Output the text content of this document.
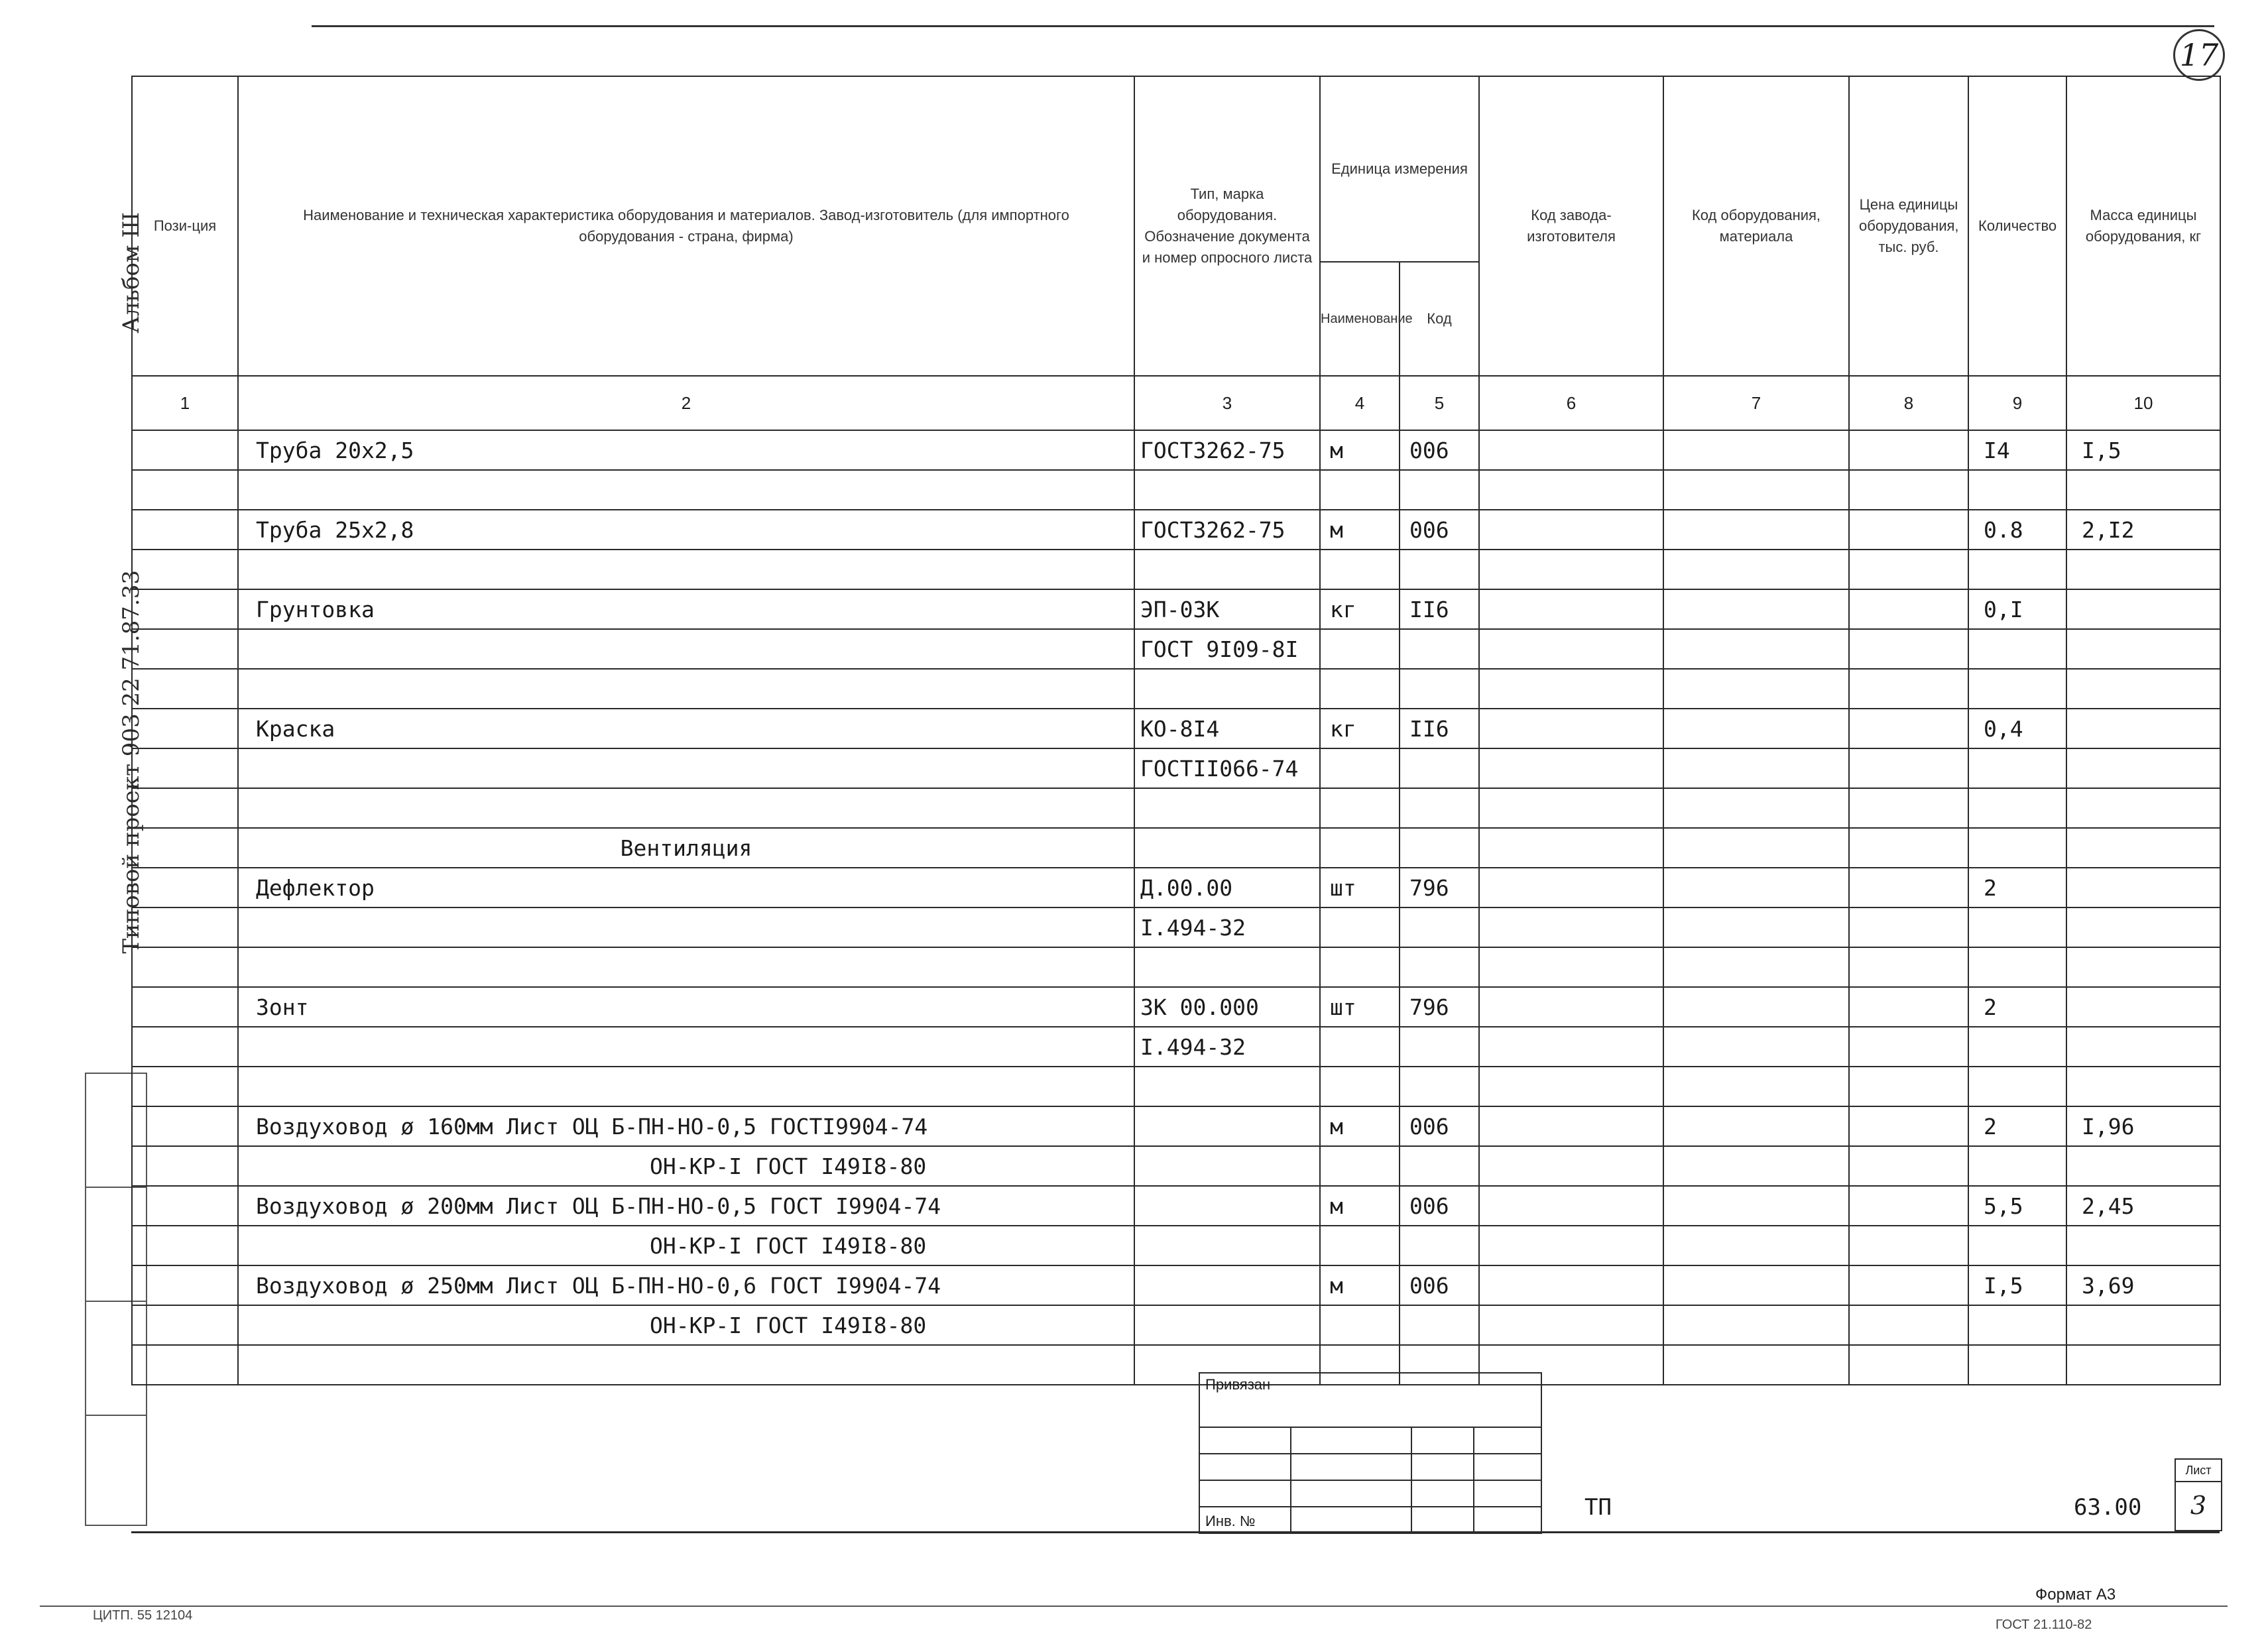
17
Альбом Ш
Типовой проект 903 22 71.87.33
Пози-ция	Наименование и техническая характеристика оборудования и материалов. Завод-изготовитель (для импортного оборудования - страна, фирма)	Тип, марка оборудования. Обозначение документа и номер опросного листа	Единица измерения		Код завода-изготовителя	Код оборудования, материала	Цена единицы оборудования, тыс. руб.	Количество	Масса единицы оборудования, кг
			Наименование	Код					
1	2	3	4	5	6	7	8	9	10
	Труба 20х2,5	ГОСТ3262-75	м	006				I4	I,5

	Труба 25х2,8	ГОСТ3262-75	м	006				0.8	2,I2

	Грунтовка	ЭП-03К	кг	II6				0,I	
		ГОСТ 9I09-8I							

	Краска	КО-8I4	кг	II6				0,4	
		ГОСТII066-74							

	Вентиляция								
	Дефлектор	Д.00.00	шт	796				2	
		I.494-32							

	Зонт	ЗК 00.000	шт	796				2	
		I.494-32							

	Воздуховод ø 160мм Лист ОЦ Б-ПН-НО-0,5 ГОСТI9904-74		м	006				2	I,96
	ОН-КР-I ГОСТ I49I8-80								
	Воздуховод ø 200мм Лист ОЦ Б-ПН-НО-0,5 ГОСТ I9904-74		м	006				5,5	2,45
	ОН-КР-I ГОСТ I49I8-80								
	Воздуховод ø 250мм Лист ОЦ Б-ПН-НО-0,6 ГОСТ I9904-74		м	006				I,5	3,69
	ОН-КР-I ГОСТ I49I8-80								

Привязан
Инв. №
ТП	63.00
Лист
3
Формат А3
ЦИТП. 55 12104
ГОСТ 21.110-82
